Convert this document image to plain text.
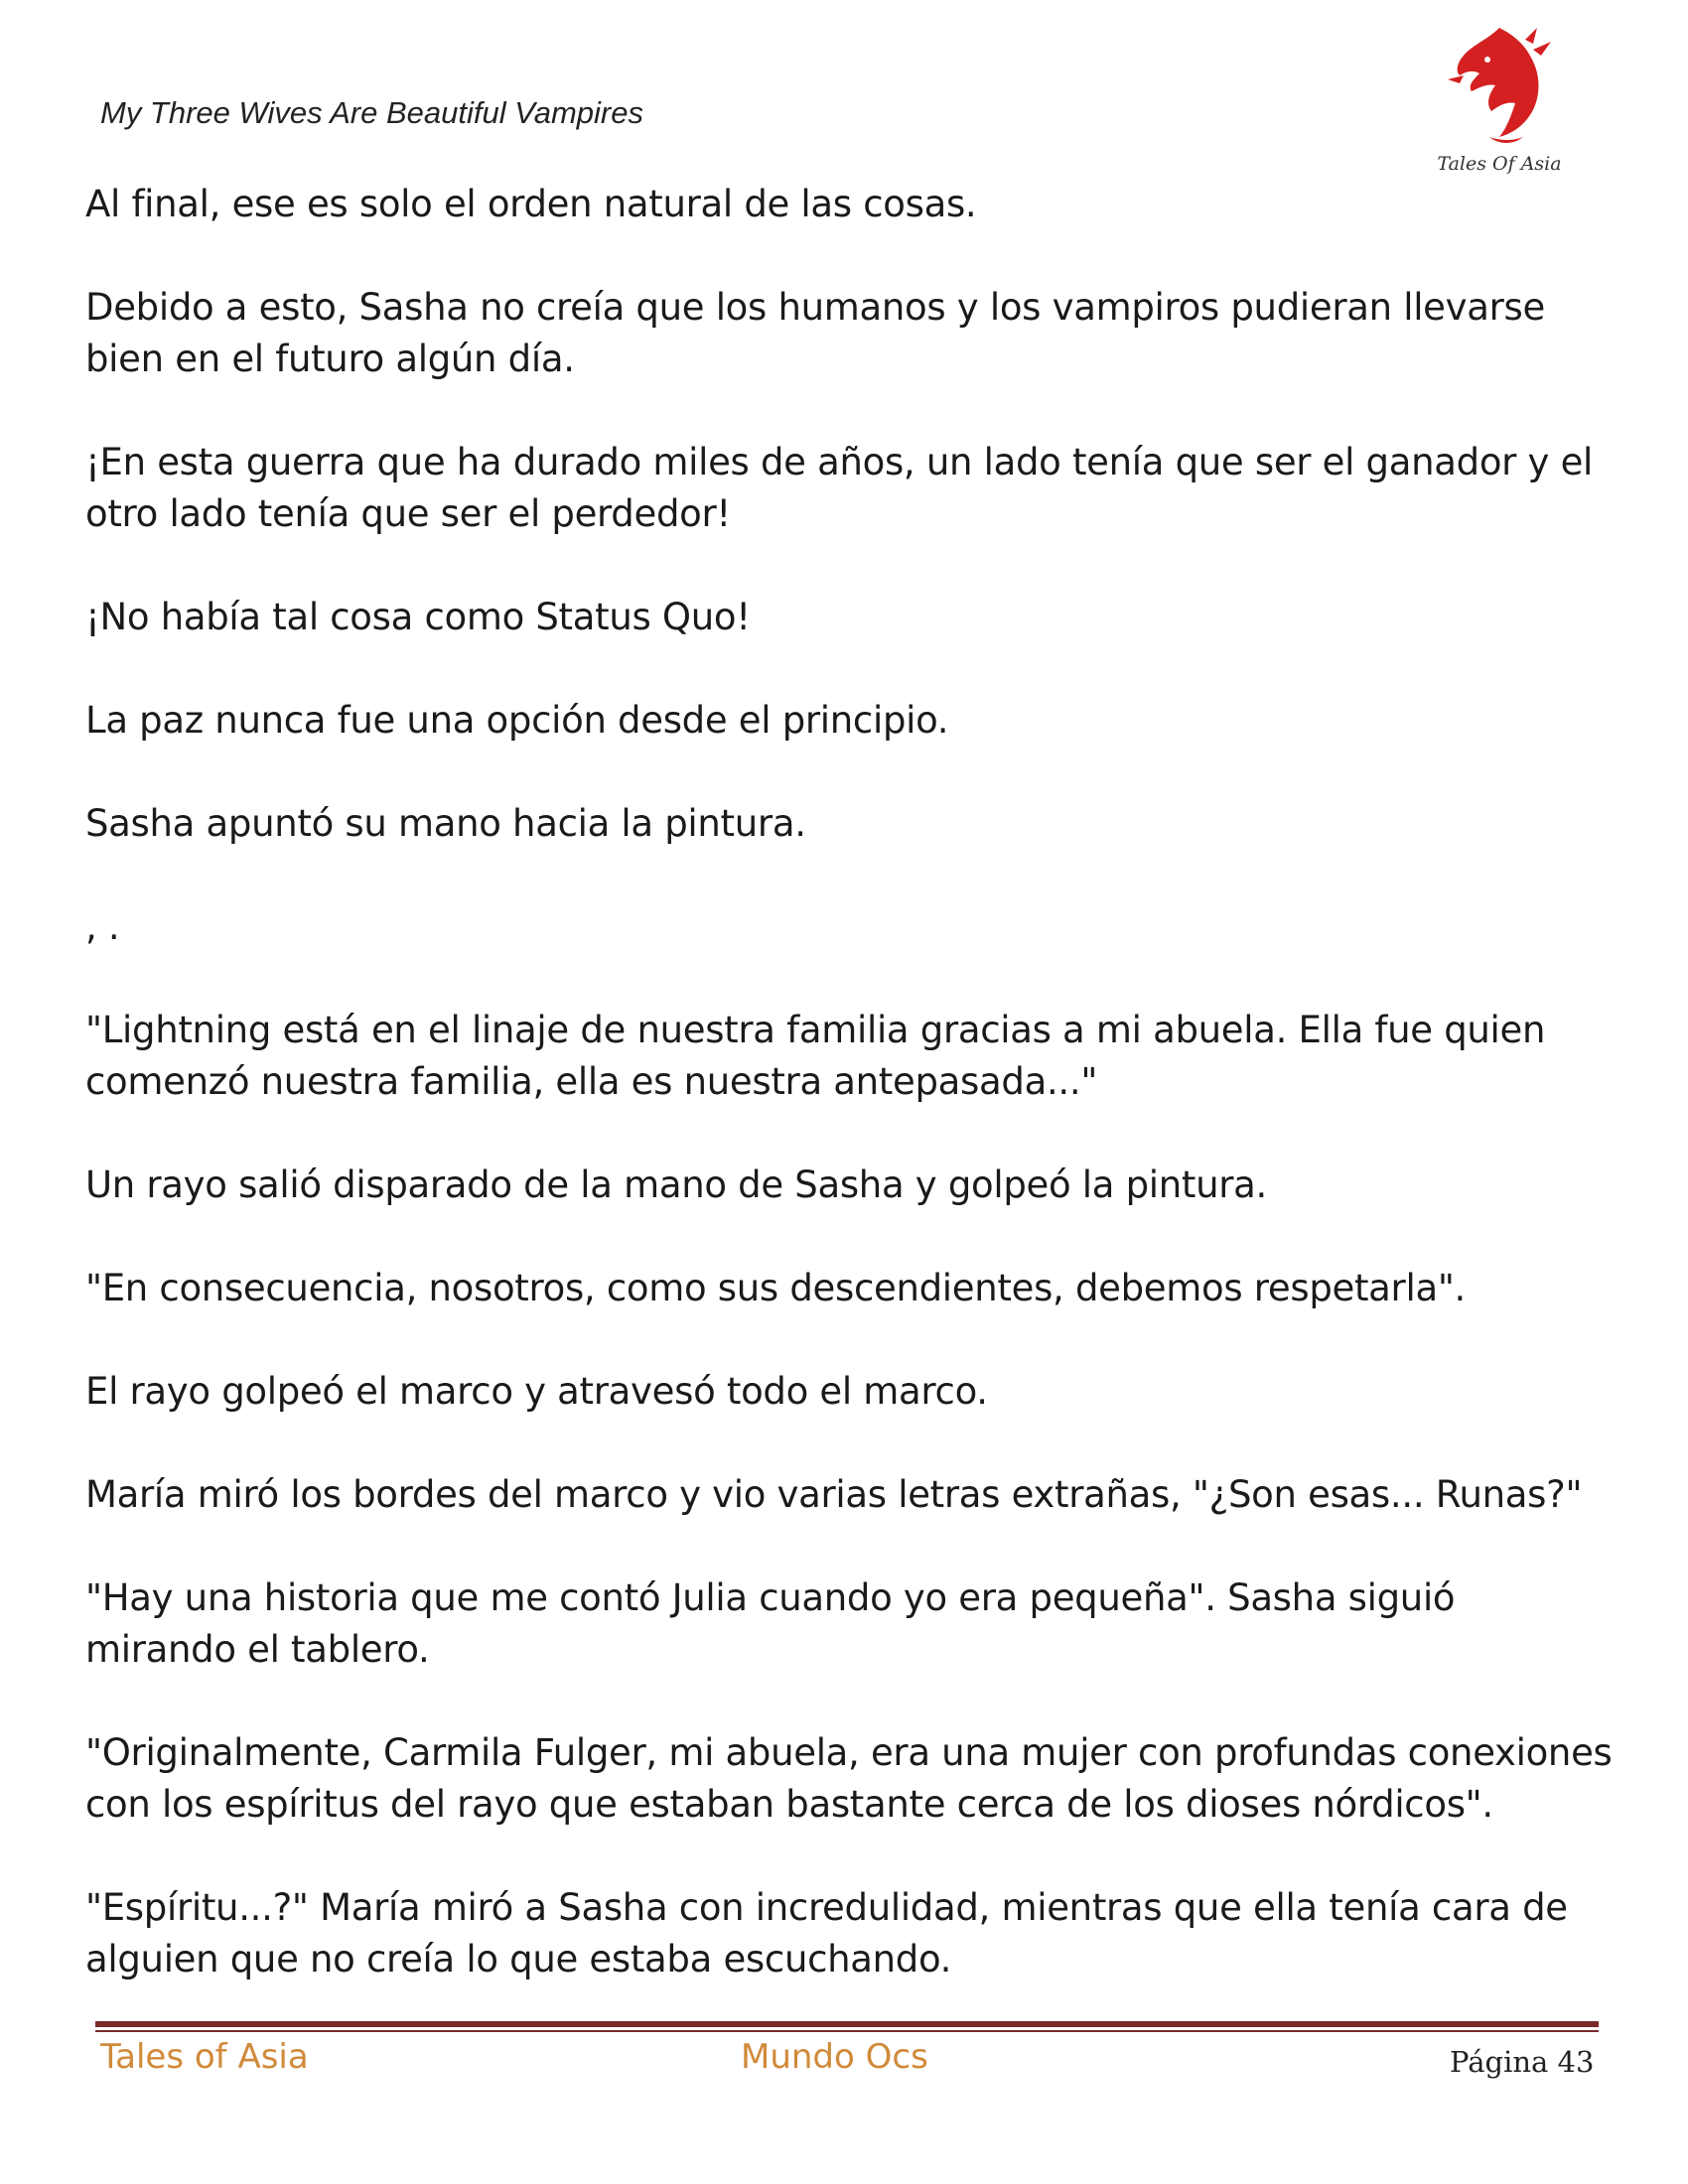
My Three Wives Are Beautiful Vampires
Tales Of Asia

Al final, ese es solo el orden natural de las cosas.

Debido a esto, Sasha no creía que los humanos y los vampiros pudieran llevarse bien en el futuro algún día.

¡En esta guerra que ha durado miles de años, un lado tenía que ser el ganador y el otro lado tenía que ser el perdedor!

¡No había tal cosa como Status Quo!

La paz nunca fue una opción desde el principio.

Sasha apuntó su mano hacia la pintura.

, .

"Lightning está en el linaje de nuestra familia gracias a mi abuela. Ella fue quien comenzó nuestra familia, ella es nuestra antepasada..."

Un rayo salió disparado de la mano de Sasha y golpeó la pintura.

"En consecuencia, nosotros, como sus descendientes, debemos respetarla".

El rayo golpeó el marco y atravesó todo el marco.

María miró los bordes del marco y vio varias letras extrañas, "¿Son esas... Runas?"

"Hay una historia que me contó Julia cuando yo era pequeña". Sasha siguió mirando el tablero.

"Originalmente, Carmila Fulger, mi abuela, era una mujer con profundas conexiones con los espíritus del rayo que estaban bastante cerca de los dioses nórdicos".

"Espíritu...?" María miró a Sasha con incredulidad, mientras que ella tenía cara de alguien que no creía lo que estaba escuchando.

Tales of Asia	Mundo Ocs	Página 43
